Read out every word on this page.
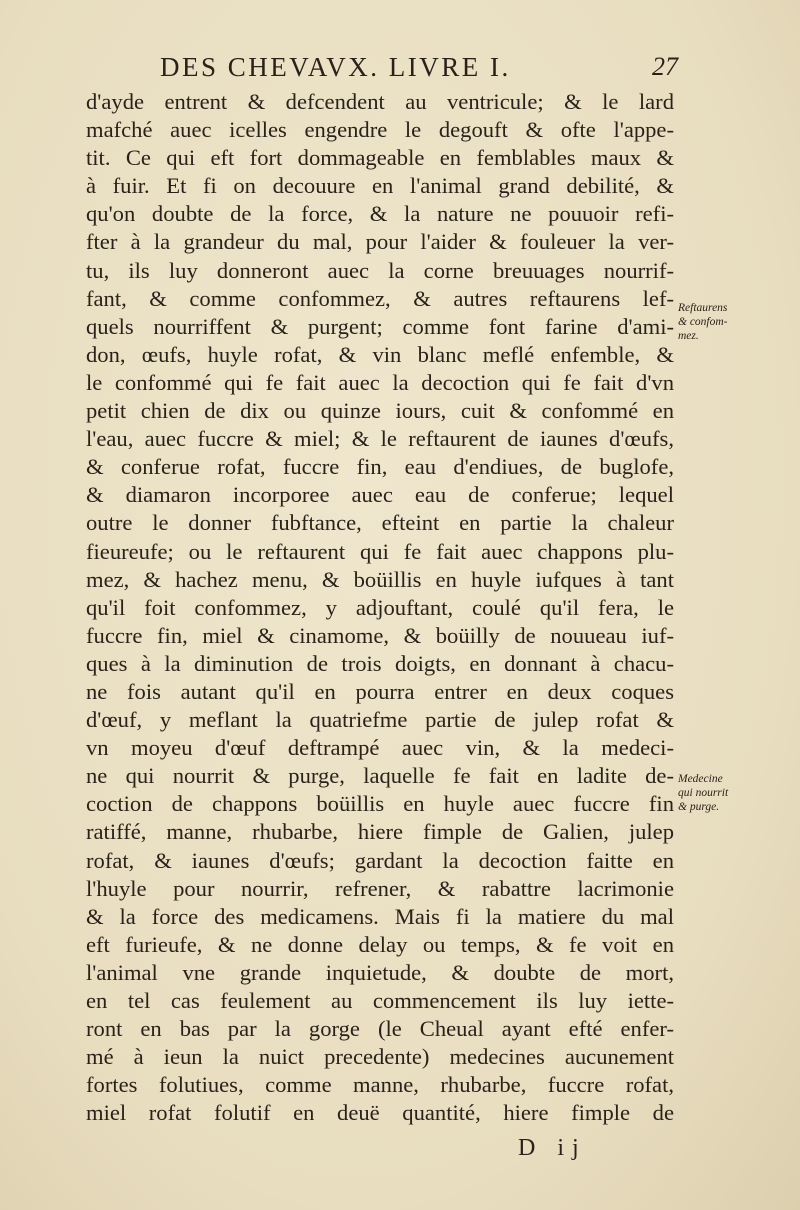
DES CHEVAVX. LIVRE I.	27
d'ayde entrent & defcendent au ventricule; & le lard
mafché auec icelles engendre le degouft & ofte l'appe-
tit. Ce qui eft fort dommageable en femblables maux &
à fuir. Et fi on decouure en l'animal grand debilité, &
qu'on doubte de la force, & la nature ne pouuoir refi-
fter à la grandeur du mal, pour l'aider & fouleuer la ver-
tu, ils luy donneront auec la corne breuuages nourrif-
fant, & comme confommez, & autres reftaurens lef-
quels nourriffent & purgent; comme font farine d'ami-
don, œufs, huyle rofat, & vin blanc meflé enfemble, &
le confommé qui fe fait auec la decoction qui fe fait d'vn
petit chien de dix ou quinze iours, cuit & confommé en
l'eau, auec fuccre & miel; & le reftaurent de iaunes d'œufs,
& conferue rofat, fuccre fin, eau d'endiues, de buglofe,
& diamaron incorporee auec eau de conferue; lequel
outre le donner fubftance, efteint en partie la chaleur
fieureufe; ou le reftaurent qui fe fait auec chappons plu-
mez, & hachez menu, & boüillis en huyle iufques à tant
qu'il foit confommez, y adjouftant, coulé qu'il fera, le
fuccre fin, miel & cinamome, & boüilly de nouueau iuf-
ques à la diminution de trois doigts, en donnant à chacu-
ne fois autant qu'il en pourra entrer en deux coques
d'œuf, y meflant la quatriefme partie de julep rofat &
vn moyeu d'œuf deftrampé auec vin, & la medeci-
ne qui nourrit & purge, laquelle fe fait en ladite de-
coction de chappons boüillis en huyle auec fuccre fin
ratiffé, manne, rhubarbe, hiere fimple de Galien, julep
rofat, & iaunes d'œufs; gardant la decoction faitte en
l'huyle pour nourrir, refrener, & rabattre lacrimonie
& la force des medicamens. Mais fi la matiere du mal
eft furieufe, & ne donne delay ou temps, & fe voit en
l'animal vne grande inquietude, & doubte de mort,
en tel cas feulement au commencement ils luy iette-
ront en bas par la gorge (le Cheual ayant efté enfer-
mé à ieun la nuict precedente) medecines aucunement
fortes folutiues, comme manne, rhubarbe, fuccre rofat,
miel rofat folutif en deuë quantité, hiere fimple de
Reftaurens
& confom-
mez.
Medecine
qui nourrit
& purge.
D ij
